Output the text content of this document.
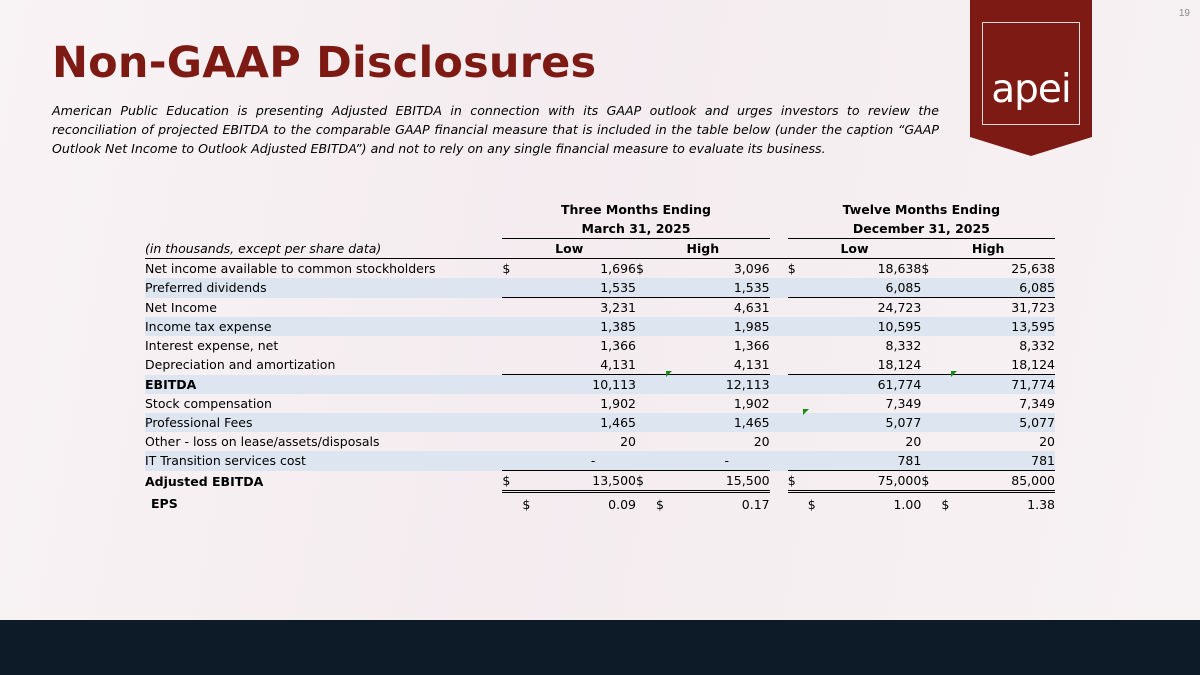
19
Non-GAAP Disclosures

American Public Education is presenting Adjusted EBITDA in connection with its GAAP outlook and urges investors to review the reconciliation of projected EBITDA to the comparable GAAP financial measure that is included in the table below (under the caption “GAAP Outlook Net Income to Outlook Adjusted EBITDA”) and not to rely on any single financial measure to evaluate its business.

apei
	Three Months Ending					Twelve Months Ending			
	March 31, 2025					December 31, 2025			
(in thousands, except per share data)	Low		High			Low		High	
Net income available to common stockholders	$	1,696	$	3,096		$	18,638	$	25,638
Preferred dividends		1,535		1,535			6,085		6,085
Net Income		3,231		4,631			24,723		31,723
Income tax expense		1,385		1,985			10,595		13,595
Interest expense, net		1,366		1,366			8,332		8,332
Depreciation and amortization		4,131		4,131			18,124		18,124
EBITDA		10,113		12,113			61,774		71,774
Stock compensation		1,902		1,902			7,349		7,349
Professional Fees		1,465		1,465			5,077		5,077
Other - loss on lease/assets/disposals		20		20			20		20
IT Transition services cost		-		-			781		781
Adjusted EBITDA	$	13,500	$	15,500		$	75,000	$	85,000
EPS	$	0.09	$	0.17		$	1.00	$	1.38
